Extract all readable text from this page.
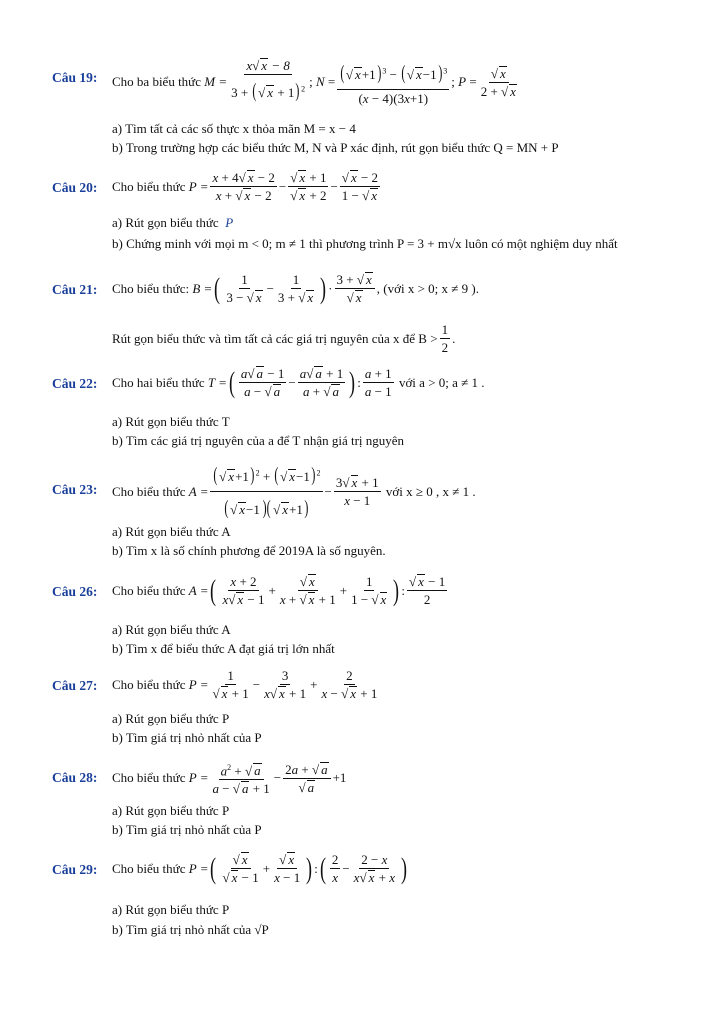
Câu 19: Cho ba biểu thức
$M = \frac{x√ x - 8}{3 + (√ x + 1)^2}$ ; $N = \frac{(√ x+1)^3 - (√ x-1)^3}{(x - 4)(3x+1)}$ ; $P = \frac{√ x}{2 + √ x}$
a) Tìm tất cả các số thực x thỏa mãn M = x − 4
b) Trong trường hợp các biểu thức M, N và P xác định, rút gọn biểu thức Q = MN + P
Câu 20: Cho biểu thức
$P = \frac{x + 4√ x - 2}{x + √ x - 2} - \frac{√ x + 1}{√ x + 2} - \frac{√ x - 2}{1 - √ x}$
a) Rút gọn biểu thức P
b) Chứng minh với mọi m < 0; m ≠ 1 thì phương trình P = 3 + m√x luôn có một nghiệm duy nhất
Câu 21: Cho biểu thức:
B = ( 1
3 − √ x
−
1
3 + √ x ) ·
3 + √ x
√ x
, (với x > 0; x ≠ 9 ).
Rút gọn biểu thức và tìm tất cả các giá trị nguyên của x để B >
1
2
.
Câu 22: Cho hai biểu thức
T = ( a√ a − 1
a − √ a
−
a√ a + 1
a + √ a ) :
a + 1
a − 1

với a > 0; a ≠ 1 .
a) Rút gọn biểu thức T
b) Tìm các giá trị nguyên của a để T nhận giá trị nguyên
Câu 23: Cho biểu thức
$A = \frac{(√ x+1)^2 + (√ x-1)^2}{(√ x-1 )( √ x+1)}$ −
3√ x + 1
x − 1

với x ≥ 0 , x ≠ 1 .
a) Rút gọn biểu thức A
b) Tìm x là số chính phương để 2019A là số nguyên.
Câu 26: Cho biểu thức
A = ( x + 2
x√ x − 1
+
√ x
x + √ x + 1
+
1
1 − √ x ) :
√ x − 1
2
a) Rút gọn biểu thức A
b) Tìm x để biểu thức A đạt giá trị lớn nhất
Câu 27: Cho biểu thức
$P = \frac{1}{√ x + 1}$ −
3
x√ x + 1
+
2
x − √ x + 1
a) Rút gọn biểu thức P
b) Tìm giá trị nhỏ nhất của P
Câu 28: Cho biểu thức
$P = \frac{a^2 + √ a}{a - √ a + 1}$ −
2a + √ a
√ a
+1
a) Rút gọn biểu thức P
b) Tìm giá trị nhỏ nhất của P
Câu 29: Cho biểu thức
P = ( √ x
√ x − 1
+
√ x
x − 1 ) : ( 2
x
−
2 − x
x√ x + x )
a) Rút gọn biểu thức P
b) Tìm giá trị nhỏ nhất của √P
